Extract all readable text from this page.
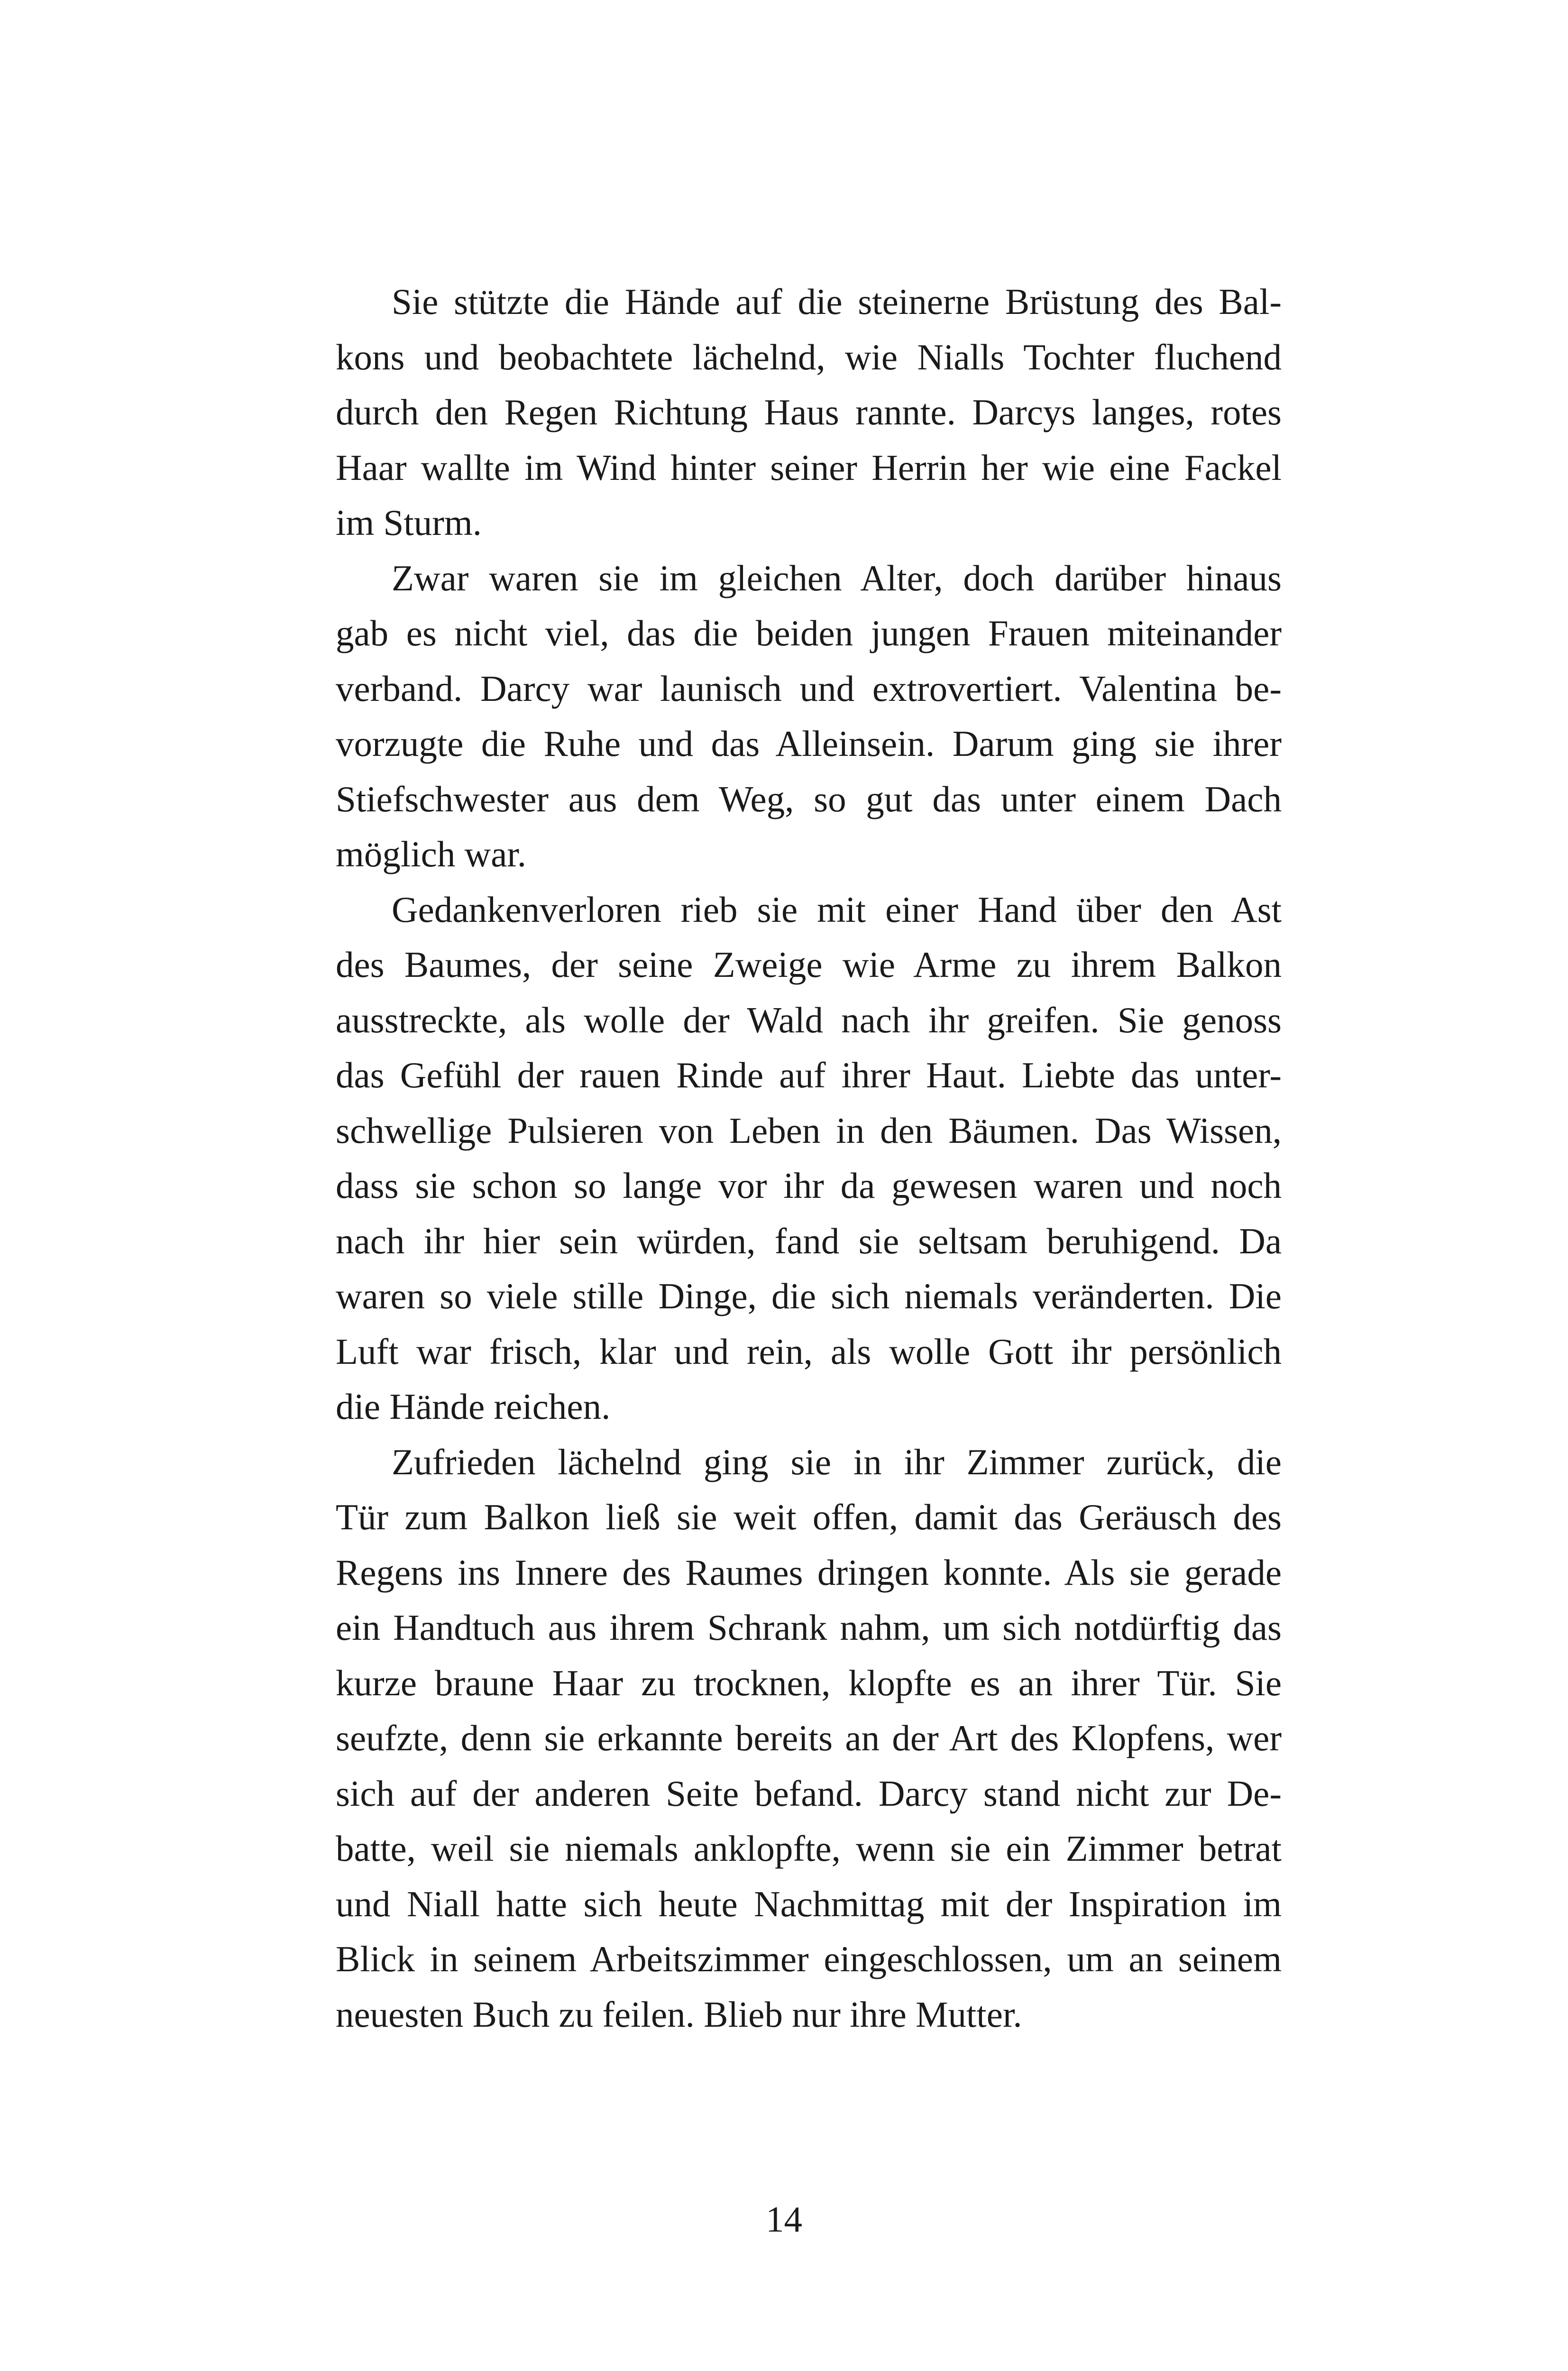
Sie stützte die Hände auf die steinerne Brüstung des Bal-
kons und beobachtete lächelnd, wie Nialls Tochter fluchend
durch den Regen Richtung Haus rannte. Darcys langes, rotes
Haar wallte im Wind hinter seiner Herrin her wie eine Fackel
im Sturm.
Zwar waren sie im gleichen Alter, doch darüber hinaus
gab es nicht viel, das die beiden jungen Frauen miteinander
verband. Darcy war launisch und extrovertiert. Valentina be-
vorzugte die Ruhe und das Alleinsein. Darum ging sie ihrer
Stiefschwester aus dem Weg, so gut das unter einem Dach
möglich war.
Gedankenverloren rieb sie mit einer Hand über den Ast
des Baumes, der seine Zweige wie Arme zu ihrem Balkon
ausstreckte, als wolle der Wald nach ihr greifen. Sie genoss
das Gefühl der rauen Rinde auf ihrer Haut. Liebte das unter-
schwellige Pulsieren von Leben in den Bäumen. Das Wissen,
dass sie schon so lange vor ihr da gewesen waren und noch
nach ihr hier sein würden, fand sie seltsam beruhigend. Da
waren so viele stille Dinge, die sich niemals veränderten. Die
Luft war frisch, klar und rein, als wolle Gott ihr persönlich
die Hände reichen.
Zufrieden lächelnd ging sie in ihr Zimmer zurück, die
Tür zum Balkon ließ sie weit offen, damit das Geräusch des
Regens ins Innere des Raumes dringen konnte. Als sie gerade
ein Handtuch aus ihrem Schrank nahm, um sich notdürftig das
kurze braune Haar zu trocknen, klopfte es an ihrer Tür. Sie
seufzte, denn sie erkannte bereits an der Art des Klopfens, wer
sich auf der anderen Seite befand. Darcy stand nicht zur De-
batte, weil sie niemals anklopfte, wenn sie ein Zimmer betrat
und Niall hatte sich heute Nachmittag mit der Inspiration im
Blick in seinem Arbeitszimmer eingeschlossen, um an seinem
neuesten Buch zu feilen. Blieb nur ihre Mutter.
14
